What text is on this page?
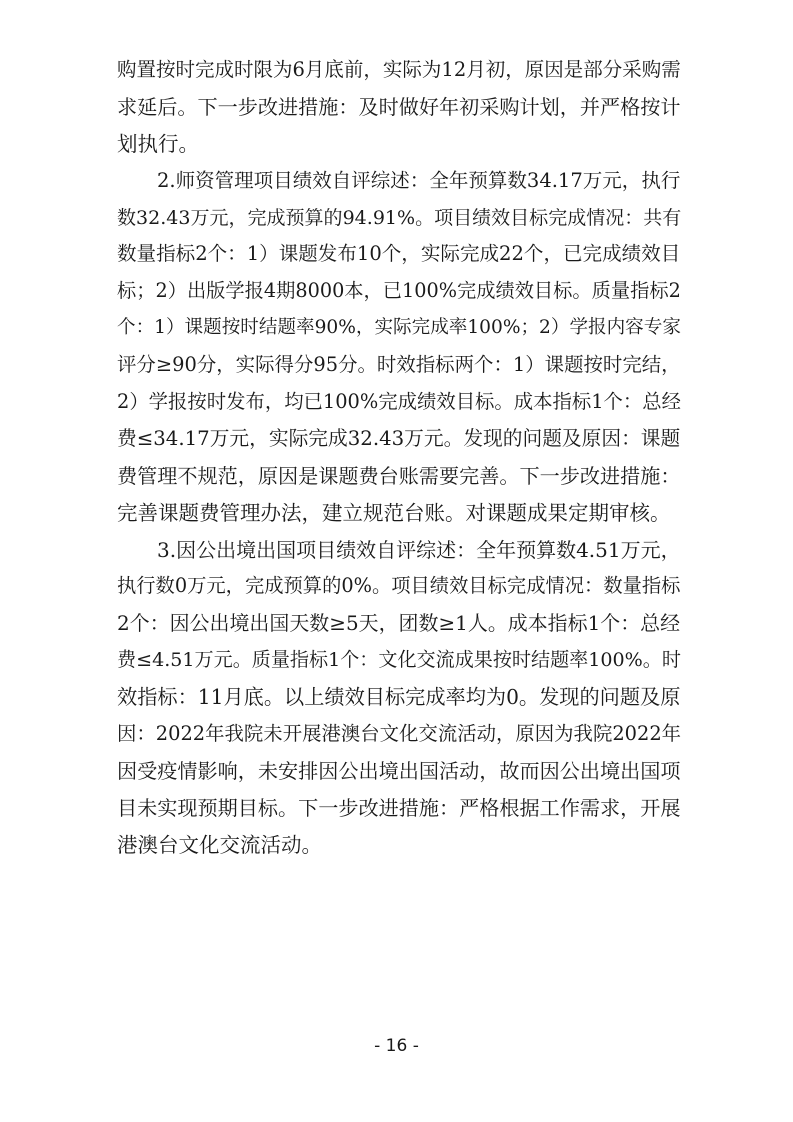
购置按时完成时限为6月底前，实际为12月初，原因是部分采购需
求延后。下一步改进措施：及时做好年初采购计划，并严格按计
划执行。
2.师资管理项目绩效自评综述：全年预算数34.17万元，执行
数32.43万元，完成预算的94.91%。项目绩效目标完成情况：共有
数量指标2个：1）课题发布10个，实际完成22个，已完成绩效目
标；2）出版学报4期8000本，已100%完成绩效目标。质量指标2
个：1）课题按时结题率90%，实际完成率100%；2）学报内容专家
评分≥90分，实际得分95分。时效指标两个：1）课题按时完结，
2）学报按时发布，均已100%完成绩效目标。成本指标1个：总经
费≤34.17万元，实际完成32.43万元。发现的问题及原因：课题
费管理不规范，原因是课题费台账需要完善。下一步改进措施：
完善课题费管理办法，建立规范台账。对课题成果定期审核。
3.因公出境出国项目绩效自评综述：全年预算数4.51万元，
执行数0万元，完成预算的0%。项目绩效目标完成情况：数量指标
2个：因公出境出国天数≥5天，团数≥1人。成本指标1个：总经
费≤4.51万元。质量指标1个：文化交流成果按时结题率100%。时
效指标：11月底。以上绩效目标完成率均为0。发现的问题及原
因：2022年我院未开展港澳台文化交流活动，原因为我院2022年
因受疫情影响，未安排因公出境出国活动，故而因公出境出国项
目未实现预期目标。下一步改进措施：严格根据工作需求，开展
港澳台文化交流活动。
- 16 -
